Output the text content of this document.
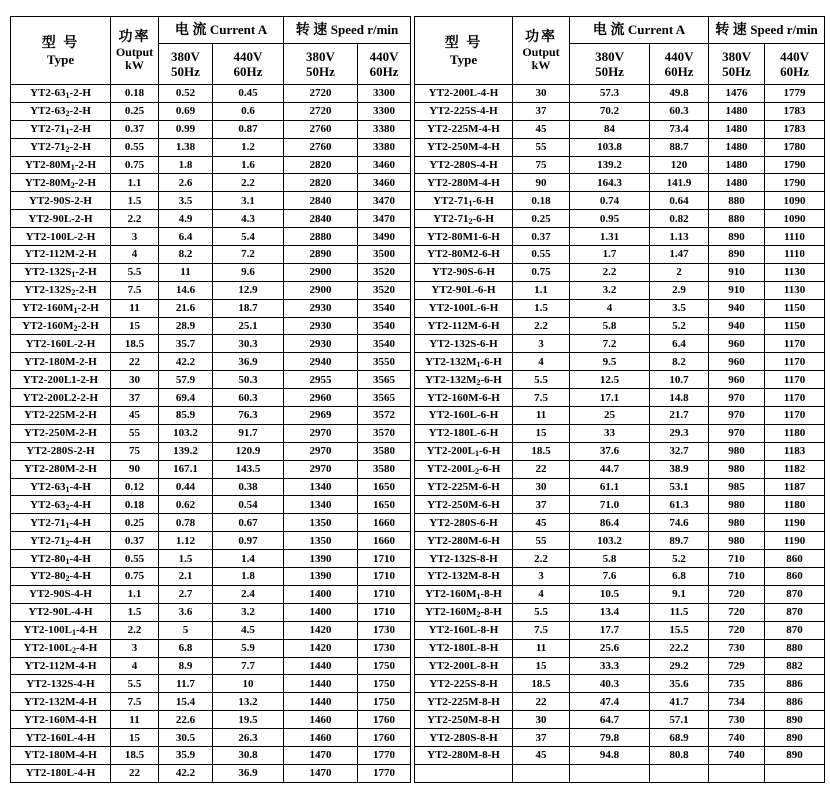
型 号
Type

功率
Output
kW
	电 流 Current A	转 速 Speed r/min

380V
50Hz

440V
60Hz

380V
50Hz

440V
60Hz

$YT2-63_1-2-H$	0.18	0.52	0.45	2720	3300
$YT2-63_2-2-H$	0.25	0.69	0.6	2720	3300
$YT2-71_1-2-H$	0.37	0.99	0.87	2760	3380
$YT2-71_2-2-H$	0.55	1.38	1.2	2760	3380
$YT2-80M_1-2-H$	0.75	1.8	1.6	2820	3460
$YT2-80M_2-2-H$	1.1	2.6	2.2	2820	3460
YT2-90S-2-H	1.5	3.5	3.1	2840	3470
YT2-90L-2-H	2.2	4.9	4.3	2840	3470
YT2-100L-2-H	3	6.4	5.4	2880	3490
YT2-112M-2-H	4	8.2	7.2	2890	3500
$YT2-132S_1-2-H$	5.5	11	9.6	2900	3520
$YT2-132S_2-2-H$	7.5	14.6	12.9	2900	3520
$YT2-160M_1-2-H$	11	21.6	18.7	2930	3540
$YT2-160M_2-2-H$	15	28.9	25.1	2930	3540
YT2-160L-2-H	18.5	35.7	30.3	2930	3540
YT2-180M-2-H	22	42.2	36.9	2940	3550
YT2-200L1-2-H	30	57.9	50.3	2955	3565
YT2-200L2-2-H	37	69.4	60.3	2960	3565
YT2-225M-2-H	45	85.9	76.3	2969	3572
YT2-250M-2-H	55	103.2	91.7	2970	3570
YT2-280S-2-H	75	139.2	120.9	2970	3580
YT2-280M-2-H	90	167.1	143.5	2970	3580
$YT2-63_1-4-H$	0.12	0.44	0.38	1340	1650
$YT2-63_2-4-H$	0.18	0.62	0.54	1340	1650
$YT2-71_1-4-H$	0.25	0.78	0.67	1350	1660
$YT2-71_2-4-H$	0.37	1.12	0.97	1350	1660
$YT2-80_1-4-H$	0.55	1.5	1.4	1390	1710
$YT2-80_2-4-H$	0.75	2.1	1.8	1390	1710
YT2-90S-4-H	1.1	2.7	2.4	1400	1710
YT2-90L-4-H	1.5	3.6	3.2	1400	1710
$YT2-100L_1-4-H$	2.2	5	4.5	1420	1730
$YT2-100L_2-4-H$	3	6.8	5.9	1420	1730
YT2-112M-4-H	4	8.9	7.7	1440	1750
YT2-132S-4-H	5.5	11.7	10	1440	1750
YT2-132M-4-H	7.5	15.4	13.2	1440	1750
YT2-160M-4-H	11	22.6	19.5	1460	1760
YT2-160L-4-H	15	30.5	26.3	1460	1760
YT2-180M-4-H	18.5	35.9	30.8	1470	1770
YT2-180L-4-H	22	42.2	36.9	1470	1770
型 号
Type

功率
Output
kW
	电 流 Current A	转 速 Speed r/min

380V
50Hz

440V
60Hz

380V
50Hz

440V
60Hz

YT2-200L-4-H	30	57.3	49.8	1476	1779
YT2-225S-4-H	37	70.2	60.3	1480	1783
YT2-225M-4-H	45	84	73.4	1480	1783
YT2-250M-4-H	55	103.8	88.7	1480	1780
YT2-280S-4-H	75	139.2	120	1480	1790
YT2-280M-4-H	90	164.3	141.9	1480	1790
$YT2-71_1-6-H$	0.18	0.74	0.64	880	1090
$YT2-71_2-6-H$	0.25	0.95	0.82	880	1090
YT2-80M1-6-H	0.37	1.31	1.13	890	1110
YT2-80M2-6-H	0.55	1.7	1.47	890	1110
YT2-90S-6-H	0.75	2.2	2	910	1130
YT2-90L-6-H	1.1	3.2	2.9	910	1130
YT2-100L-6-H	1.5	4	3.5	940	1150
YT2-112M-6-H	2.2	5.8	5.2	940	1150
YT2-132S-6-H	3	7.2	6.4	960	1170
$YT2-132M_1-6-H$	4	9.5	8.2	960	1170
$YT2-132M_2-6-H$	5.5	12.5	10.7	960	1170
YT2-160M-6-H	7.5	17.1	14.8	970	1170
YT2-160L-6-H	11	25	21.7	970	1170
YT2-180L-6-H	15	33	29.3	970	1180
$YT2-200L_1-6-H$	18.5	37.6	32.7	980	1183
$YT2-200L_2-6-H$	22	44.7	38.9	980	1182
YT2-225M-6-H	30	61.1	53.1	985	1187
YT2-250M-6-H	37	71.0	61.3	980	1180
YT2-280S-6-H	45	86.4	74.6	980	1190
YT2-280M-6-H	55	103.2	89.7	980	1190
YT2-132S-8-H	2.2	5.8	5.2	710	860
YT2-132M-8-H	3	7.6	6.8	710	860
$YT2-160M_1-8-H$	4	10.5	9.1	720	870
$YT2-160M_2-8-H$	5.5	13.4	11.5	720	870
YT2-160L-8-H	7.5	17.7	15.5	720	870
YT2-180L-8-H	11	25.6	22.2	730	880
YT2-200L-8-H	15	33.3	29.2	729	882
YT2-225S-8-H	18.5	40.3	35.6	735	886
YT2-225M-8-H	22	47.4	41.7	734	886
YT2-250M-8-H	30	64.7	57.1	730	890
YT2-280S-8-H	37	79.8	68.9	740	890
YT2-280M-8-H	45	94.8	80.8	740	890
